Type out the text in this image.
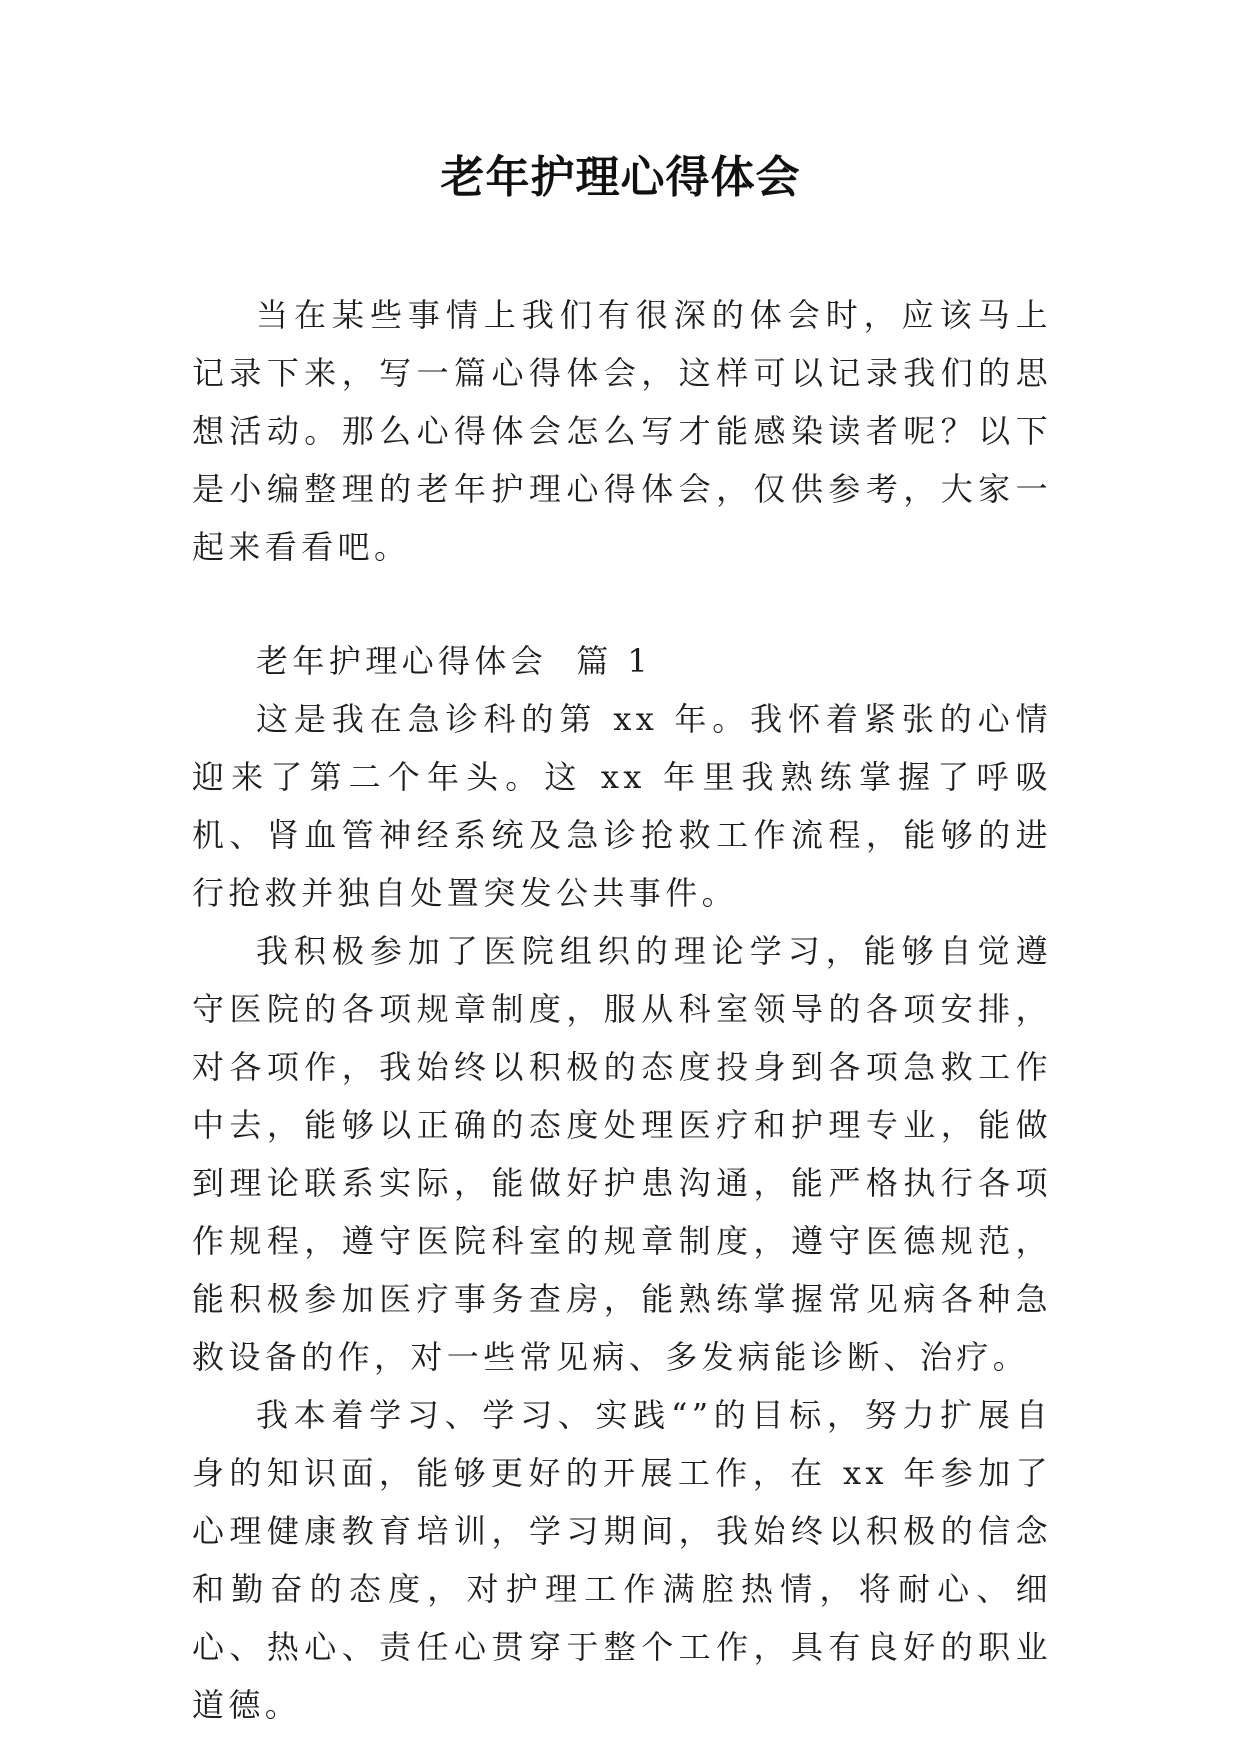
老年护理心得体会

当在某些事情上我们有很深的体会时，应该马上记录下来，写一篇心得体会，这样可以记录我们的思想活动。那么心得体会怎么写才能感染读者呢？以下是小编整理的老年护理心得体会，仅供参考，大家一起来看看吧。

老年护理心得体会  篇 1

这是我在急诊科的第 xx 年。我怀着紧张的心情迎来了第二个年头。这 xx 年里我熟练掌握了呼吸机、肾血管神经系统及急诊抢救工作流程，能够的进行抢救并独自处置突发公共事件。

我积极参加了医院组织的理论学习，能够自觉遵守医院的各项规章制度，服从科室领导的各项安排，对各项作，我始终以积极的态度投身到各项急救工作中去，能够以正确的态度处理医疗和护理专业，能做到理论联系实际，能做好护患沟通，能严格执行各项作规程，遵守医院科室的规章制度，遵守医德规范，能积极参加医疗事务查房，能熟练掌握常见病各种急救设备的作，对一些常见病、多发病能诊断、治疗。

我本着学习、学习、实践“”的目标，努力扩展自身的知识面，能够更好的开展工作，在 xx 年参加了心理健康教育培训，学习期间，我始终以积极的信念和勤奋的态度，对护理工作满腔热情，将耐心、细心、热心、责任心贯穿于整个工作，具有良好的职业道德。
